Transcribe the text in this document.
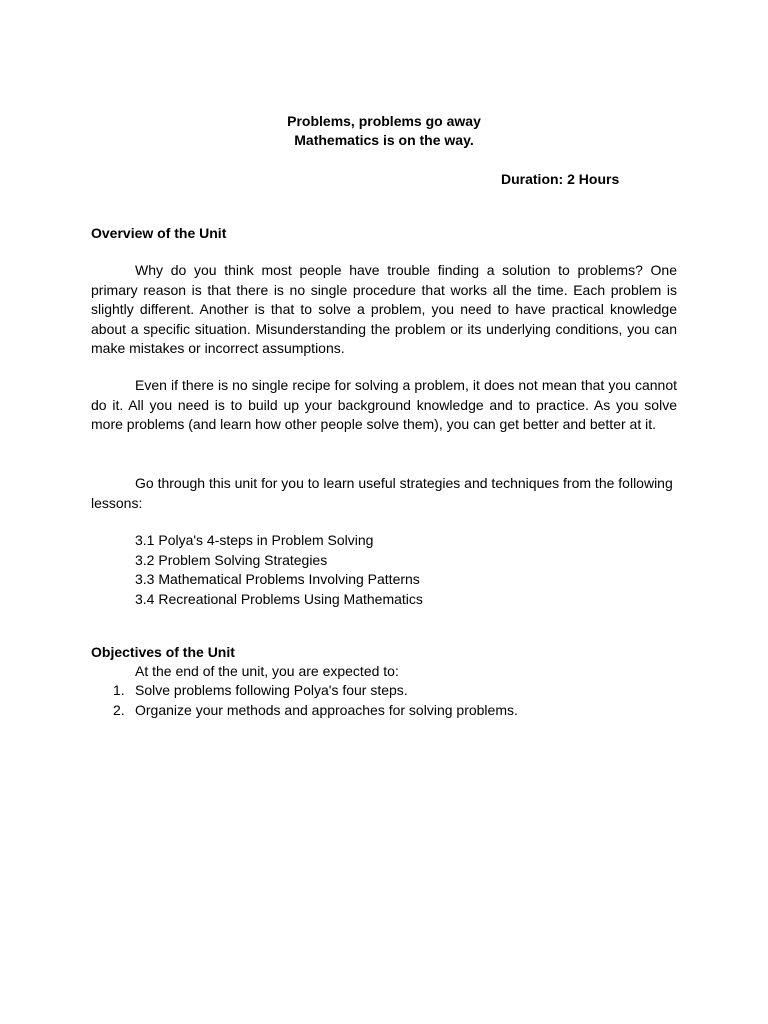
Problems, problems go away
Mathematics is on the way.
Duration: 2 Hours
Overview of the Unit

Why do you think most people have trouble finding a solution to problems? One primary reason is that there is no single procedure that works all the time. Each problem is slightly different. Another is that to solve a problem, you need to have practical knowledge about a specific situation. Misunderstanding the problem or its underlying conditions, you can make mistakes or incorrect assumptions.

Even if there is no single recipe for solving a problem, it does not mean that you cannot do it. All you need is to build up your background knowledge and to practice. As you solve more problems (and learn how other people solve them), you can get better and better at it.

Go through this unit for you to learn useful strategies and techniques from the following lessons:

3.1 Polya's 4-steps in Problem Solving
3.2 Problem Solving Strategies
3.3 Mathematical Problems Involving Patterns
3.4 Recreational Problems Using Mathematics
Objectives of the Unit
At the end of the unit, you are expected to:
1. Solve problems following Polya's four steps.
2. Organize your methods and approaches for solving problems.
